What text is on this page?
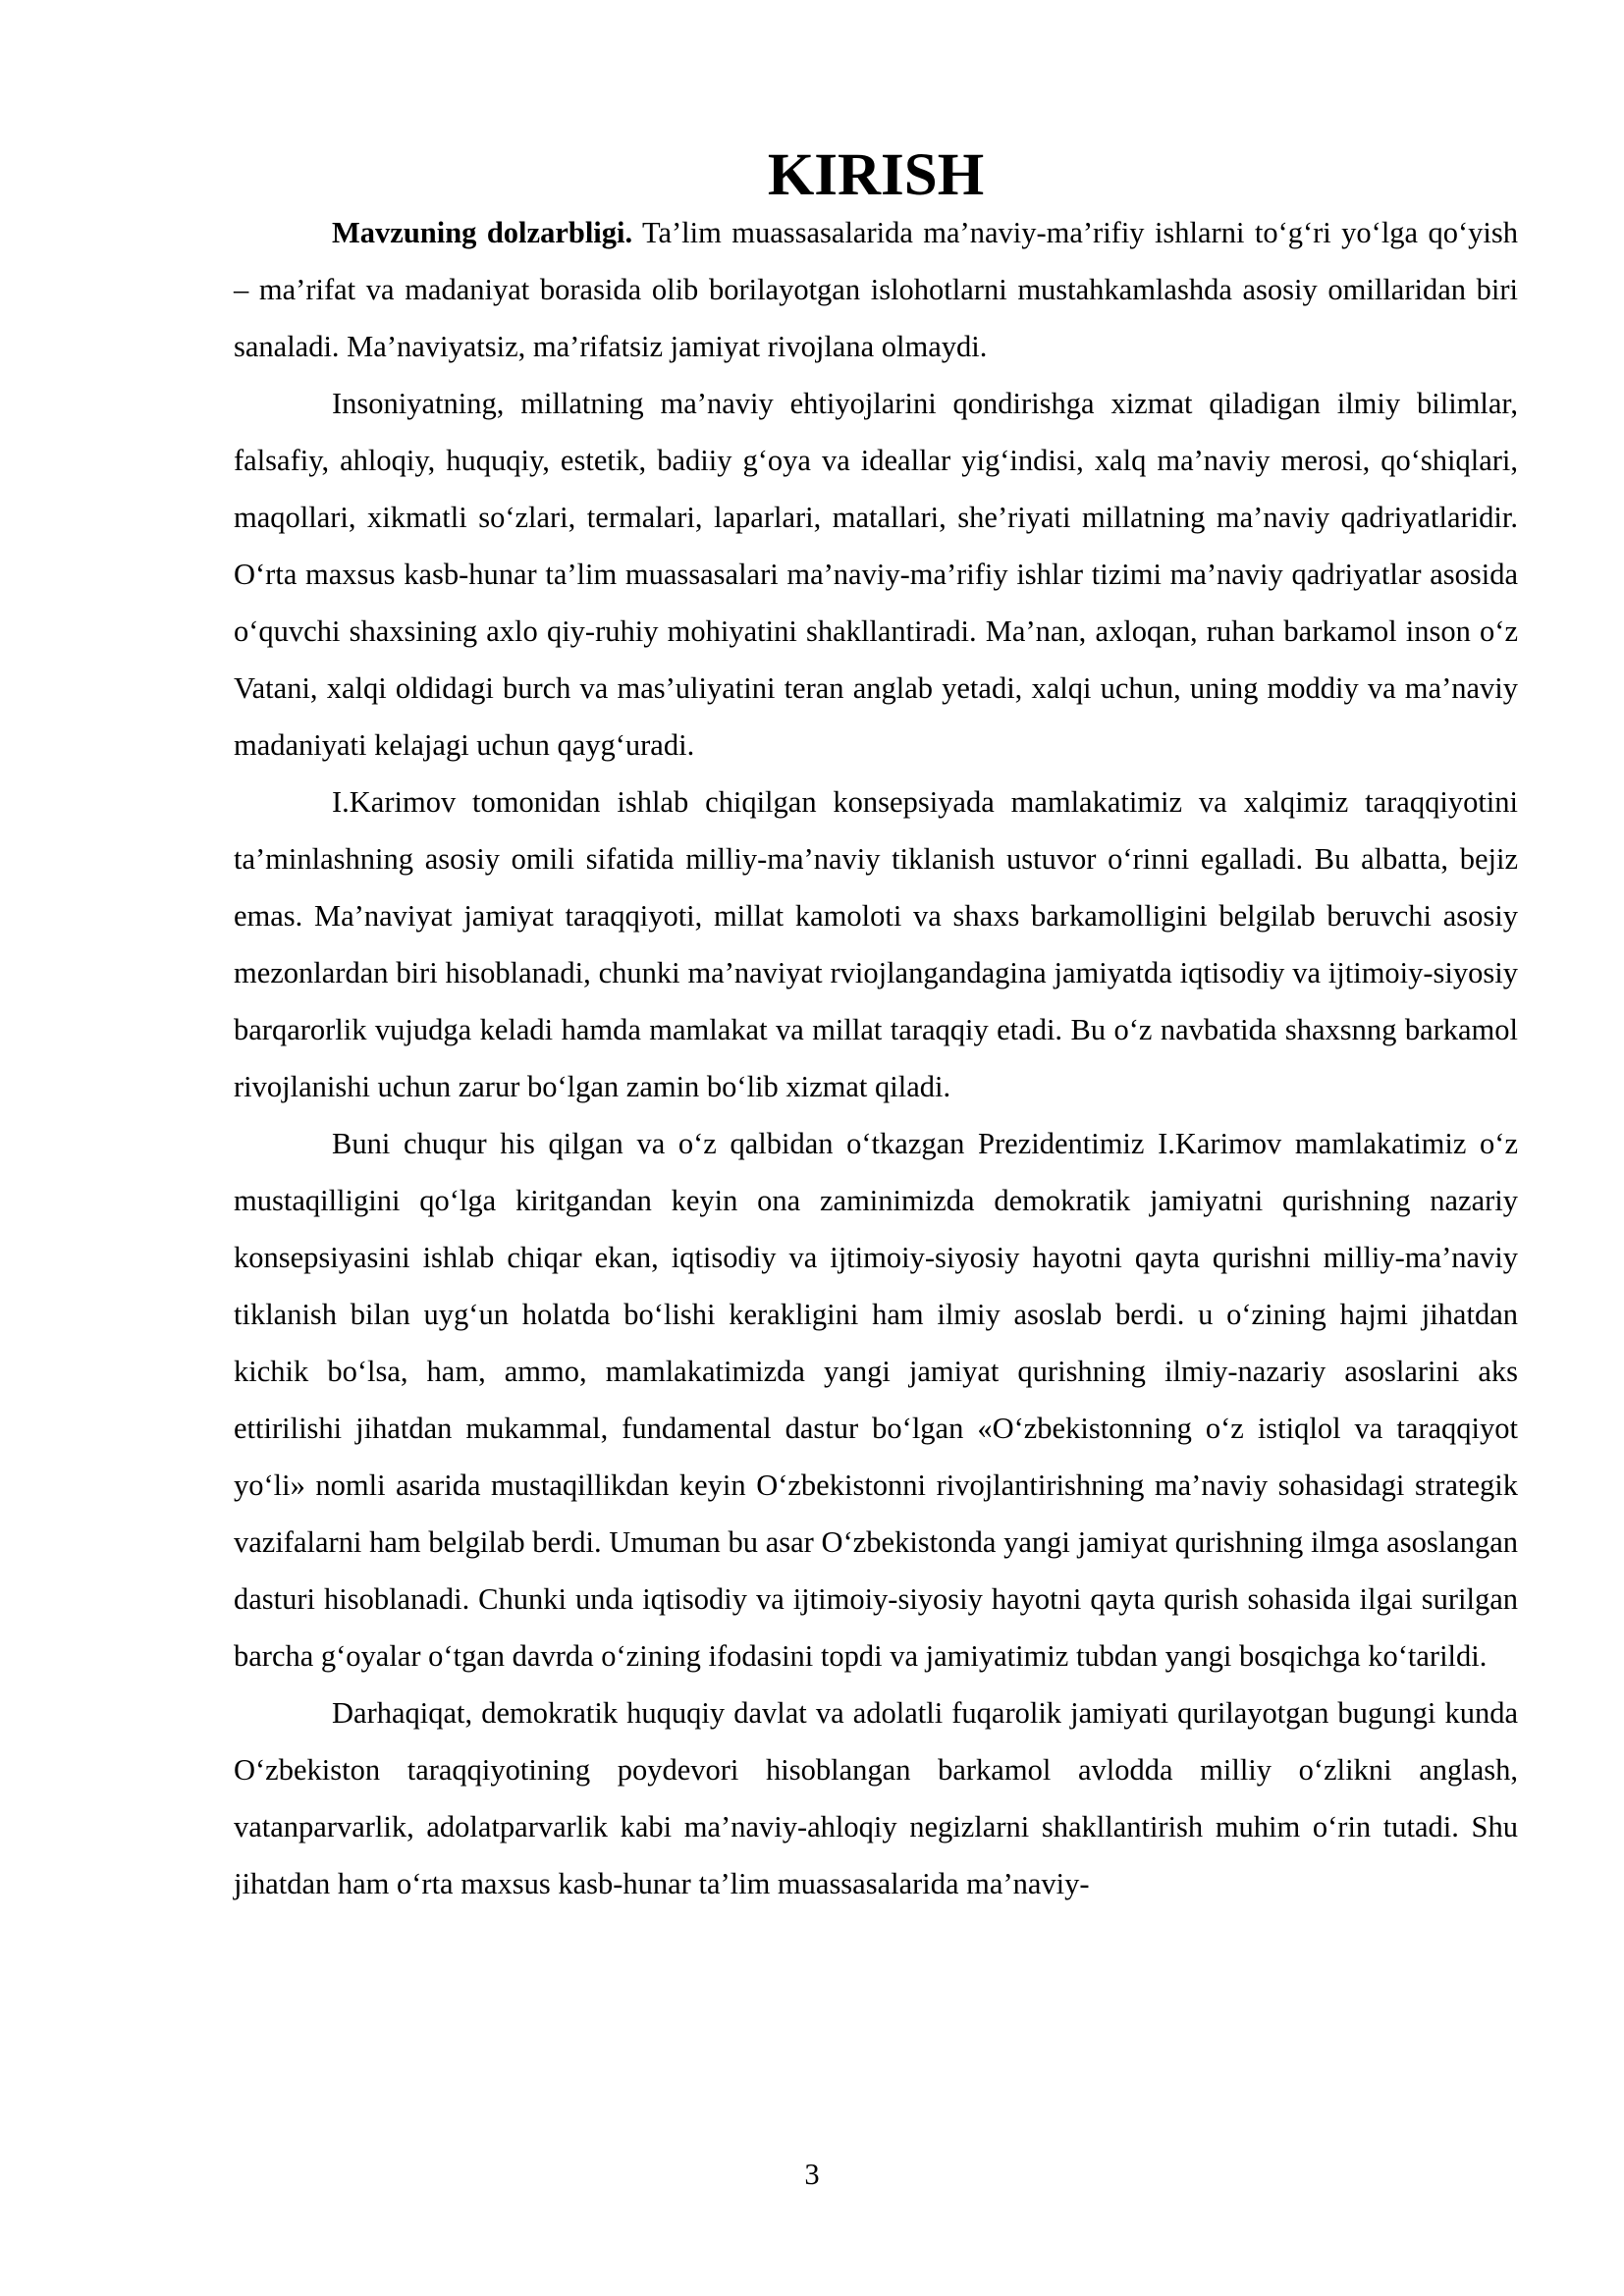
KIRISH

Mavzuning dolzarbligi. Ta’lim muassasalarida ma’naviy-ma’rifiy ishlarni to‘g‘ri yo‘lga qo‘yish – ma’rifat va madaniyat borasida olib borilayotgan islohotlarni mustahkamlashda asosiy omillaridan biri sanaladi. Ma’naviyatsiz, ma’rifatsiz jamiyat rivojlana olmaydi.

Insoniyatning, millatning ma’naviy ehtiyojlarini qondirishga xizmat qiladigan ilmiy bilimlar, falsafiy, ahloqiy, huquqiy, estetik, badiiy g‘oya va ideallar yig‘indisi, xalq ma’naviy merosi, qo‘shiqlari, maqollari, xikmatli so‘zlari, termalari, laparlari, matallari, she’riyati millatning ma’naviy qadriyatlaridir. O‘rta maxsus kasb-hunar ta’lim muassasalari ma’naviy-ma’rifiy ishlar tizimi ma’naviy qadriyatlar asosida o‘quvchi shaxsining axlo qiy-ruhiy mohiyatini shakllantiradi. Ma’nan, axloqan, ruhan barkamol inson o‘z Vatani, xalqi oldidagi burch va mas’uliyatini teran anglab yetadi, xalqi uchun, uning moddiy va ma’naviy madaniyati kelajagi uchun qayg‘uradi.

I.Karimov tomonidan ishlab chiqilgan konsepsiyada mamlakatimiz va xalqimiz taraqqiyotini ta’minlashning asosiy omili sifatida milliy-ma’naviy tiklanish ustuvor o‘rinni egalladi. Bu albatta, bejiz emas. Ma’naviyat jamiyat taraqqiyoti, millat kamoloti va shaxs barkamolligini belgilab beruvchi asosiy mezonlardan biri hisoblanadi, chunki ma’naviyat rviojlangandagina jamiyatda iqtisodiy va ijtimoiy-siyosiy barqarorlik vujudga keladi hamda mamlakat va millat taraqqiy etadi. Bu o‘z navbatida shaxsnng barkamol rivojlanishi uchun zarur bo‘lgan zamin bo‘lib xizmat qiladi.

Buni chuqur his qilgan va o‘z qalbidan o‘tkazgan Prezidentimiz I.Karimov mamlakatimiz o‘z mustaqilligini qo‘lga kiritgandan keyin ona zaminimizda demokratik jamiyatni qurishning nazariy konsepsiyasini ishlab chiqar ekan, iqtisodiy va ijtimoiy-siyosiy hayotni qayta qurishni milliy-ma’naviy tiklanish bilan uyg‘un holatda bo‘lishi kerakligini ham ilmiy asoslab berdi. u o‘zining hajmi jihatdan kichik bo‘lsa, ham, ammo, mamlakatimizda yangi jamiyat qurishning ilmiy-nazariy asoslarini aks ettirilishi jihatdan mukammal, fundamental dastur bo‘lgan «O‘zbekistonning o‘z istiqlol va taraqqiyot yo‘li» nomli asarida mustaqillikdan keyin O‘zbekistonni rivojlantirishning ma’naviy sohasidagi strategik vazifalarni ham belgilab berdi. Umuman bu asar O‘zbekistonda yangi jamiyat qurishning ilmga asoslangan dasturi hisoblanadi. Chunki unda iqtisodiy va ijtimoiy-siyosiy hayotni qayta qurish sohasida ilgai surilgan barcha g‘oyalar o‘tgan davrda o‘zining ifodasini topdi va jamiyatimiz tubdan yangi bosqichga ko‘tarildi.

Darhaqiqat, demokratik huquqiy davlat va adolatli fuqarolik jamiyati qurilayotgan bugungi kunda O‘zbekiston taraqqiyotining poydevori hisoblangan barkamol avlodda milliy o‘zlikni anglash, vatanparvarlik, adolatparvarlik kabi ma’naviy-ahloqiy negizlarni shakllantirish muhim o‘rin tutadi. Shu jihatdan ham o‘rta maxsus kasb-hunar ta’lim muassasalarida ma’naviy-

3
